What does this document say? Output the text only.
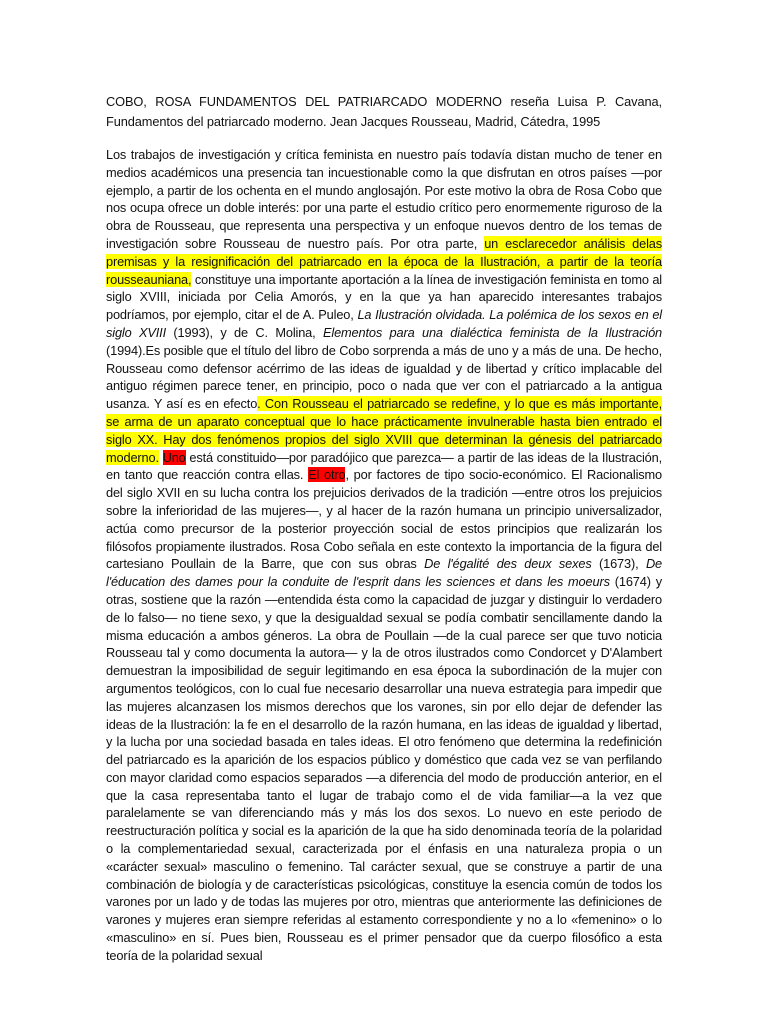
COBO, ROSA FUNDAMENTOS DEL PATRIARCADO MODERNO reseña Luisa P. Cavana, Fundamentos del patriarcado moderno. Jean Jacques Rousseau, Madrid, Cátedra, 1995

Los trabajos de investigación y crítica feminista en nuestro país todavía distan mucho de tener en medios académicos una presencia tan incuestionable como la que disfrutan en otros países —por ejemplo, a partir de los ochenta en el mundo anglosajón. Por este motivo la obra de Rosa Cobo que nos ocupa ofrece un doble interés: por una parte el estudio crítico pero enormemente riguroso de la obra de Rousseau, que representa una perspectiva y un enfoque nuevos dentro de los temas de investigación sobre Rousseau de nuestro país. Por otra parte, un esclarecedor análisis delas premisas y la resignificación del patriarcado en la época de la Ilustración, a partir de la teoría rousseauniana, constituye una importante aportación a la línea de investigación feminista en tomo al siglo XVIII, iniciada por Celia Amorós, y en la que ya han aparecido interesantes trabajos podríamos, por ejemplo, citar el de A. Puleo, La Ilustración olvidada. La polémica de los sexos en el siglo XVIII (1993), y de C. Molina, Elementos para una dialéctica feminista de la Ilustración (1994).Es posible que el título del libro de Cobo sorprenda a más de uno y a más de una. De hecho, Rousseau como defensor acérrimo de las ideas de igualdad y de libertad y crítico implacable del antiguo régimen parece tener, en principio, poco o nada que ver con el patriarcado a la antigua usanza. Y así es en efecto. Con Rousseau el patriarcado se redefine, y lo que es más importante, se arma de un aparato conceptual que lo hace prácticamente invulnerable hasta bien entrado el siglo XX. Hay dos fenómenos propios del siglo XVIII que determinan la génesis del patriarcado moderno. Uno está constituido—por paradójico que parezca— a partir de las ideas de la Ilustración, en tanto que reacción contra ellas. El otro, por factores de tipo socio-económico. El Racionalismo del siglo XVII en su lucha contra los prejuicios derivados de la tradición —entre otros los prejuicios sobre la inferioridad de las mujeres—, y al hacer de la razón humana un principio universalizador, actúa como precursor de la posterior proyección social de estos principios que realizarán los filósofos propiamente ilustrados. Rosa Cobo señala en este contexto la importancia de la figura del cartesiano Poullain de la Barre, que con sus obras De l'égalité des deux sexes (1673), De l'éducation des dames pour la conduite de l'esprit dans les sciences et dans les moeurs (1674) y otras, sostiene que la razón —entendida ésta como la capacidad de juzgar y distinguir lo verdadero de lo falso— no tiene sexo, y que la desigualdad sexual se podía combatir sencillamente dando la misma educación a ambos géneros. La obra de Poullain —de la cual parece ser que tuvo noticia Rousseau tal y como documenta la autora— y la de otros ilustrados como Condorcet y D'Alambert demuestran la imposibilidad de seguir legitimando en esa época la subordinación de la mujer con argumentos teológicos, con lo cual fue necesario desarrollar una nueva estrategia para impedir que las mujeres alcanzasen los mismos derechos que los varones, sin por ello dejar de defender las ideas de la Ilustración: la fe en el desarrollo de la razón humana, en las ideas de igualdad y libertad, y la lucha por una sociedad basada en tales ideas. El otro fenómeno que determina la redefinición del patriarcado es la aparición de los espacios público y doméstico que cada vez se van perfilando con mayor claridad como espacios separados —a diferencia del modo de producción anterior, en el que la casa representaba tanto el lugar de trabajo como el de vida familiar—a la vez que paralelamente se van diferenciando más y más los dos sexos. Lo nuevo en este periodo de reestructuración política y social es la aparición de la que ha sido denominada teoría de la polaridad o la complementariedad sexual, caracterizada por el énfasis en una naturaleza propia o un «carácter sexual» masculino o femenino. Tal carácter sexual, que se construye a partir de una combinación de biología y de características psicológicas, constituye la esencia común de todos los varones por un lado y de todas las mujeres por otro, mientras que anteriormente las definiciones de varones y mujeres eran siempre referidas al estamento correspondiente y no a lo «femenino» o lo «masculino» en sí. Pues bien, Rousseau es el primer pensador que da cuerpo filosófico a esta teoría de la polaridad sexual
